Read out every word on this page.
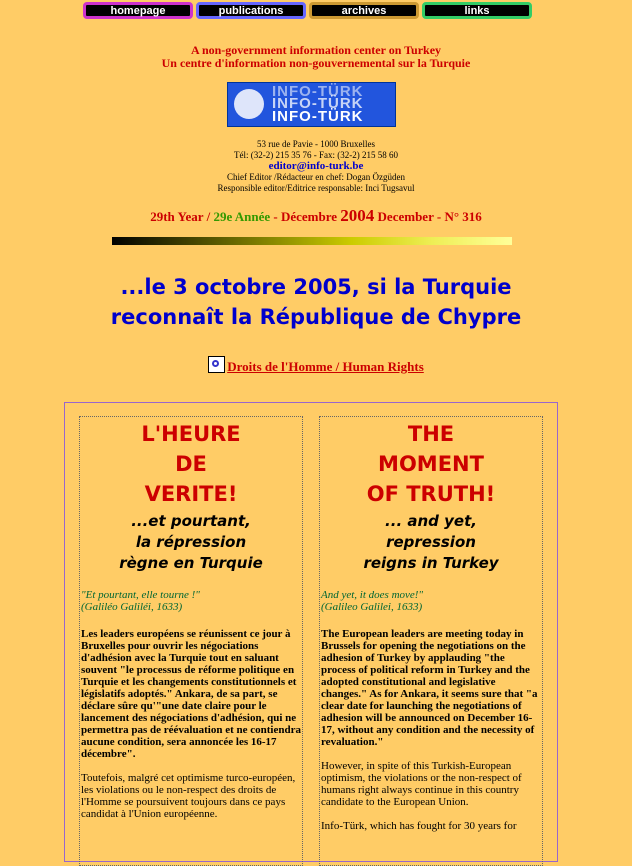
homepage	publications	archives	links
A non-government information center on Turkey
Un centre d'information non-gouvernemental sur la Turquie
INFO-TÜRK
INFO-TÜRK
INFO-TÜRK
53 rue de Pavie - 1000 Bruxelles
Tél: (32-2) 215 35 76 - Fax: (32-2) 215 58 60
editor@info-turk.be
Chief Editor /Rédacteur en chef: Dogan Özgüden
Responsible editor/Editrice responsable: Inci Tugsavul
29th Year / 29e Année - Décembre 2004 December - N° 316
...le 3 octobre 2005, si la Turquie
reconnaît la République de Chypre
Droits de l'Homme / Human Rights

L'HEURE

DE

VERITE!

...et pourtant,
la répression
règne en Turquie
"Et pourtant, elle tourne !"
(Galiléo Galiléi, 1633)

Les leaders européens se réunissent ce jour à Bruxelles pour ouvrir les négociations d'adhésion avec la Turquie tout en saluant souvent "le processus de réforme politique en Turquie et les changements constitutionnels et législatifs adoptés." Ankara, de sa part, se déclare sûre qu'"une date claire pour le lancement des négociations d'adhésion, qui ne permettra pas de réévaluation et ne contiendra aucune condition, sera annoncée les 16-17 décembre".

Toutefois, malgré cet optimisme turco-européen, les violations ou le non-respect des droits de l'Homme se poursuivent toujours dans ce pays candidat à l'Union européenne.

THE

MOMENT

OF TRUTH!

... and yet,
repression
reigns in Turkey
And yet, it does move!"
(Galileo Galilei, 1633)

The European leaders are meeting today in Brussels for opening the negotiations on the adhesion of Turkey by applauding "the process of political reform in Turkey and the adopted constitutional and legislative changes." As for Ankara, it seems sure that "a clear date for launching the negotiations of adhesion will be announced on December 16-17, without any condition and the necessity of revaluation."

However, in spite of this Turkish-European optimism, the violations or the non-respect of humans right always continue in this country candidate to the European Union.

Info-Türk, which has fought for 30 years for
